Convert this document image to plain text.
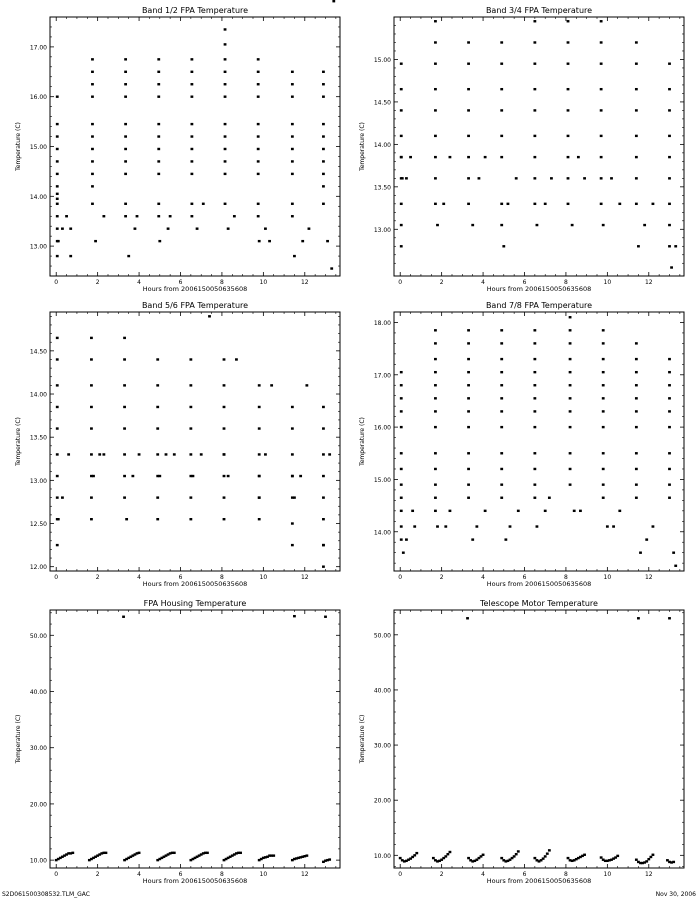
Band 1/2 FPA Temperature
0	2	4	6	8	10	12
13.00
14.00
15.00
16.00
17.00
Hours from 2006150050635608
Temperature (C)
Band 3/4 FPA Temperature
0	2	4	6	8	10	12
13.00
13.50
14.00
14.50
15.00
Hours from 2006150050635608
Temperature (C)
Band 5/6 FPA Temperature
0	2	4	6	8	10	12
12.00
12.50
13.00
13.50
14.00
14.50
Hours from 2006150050635608
Temperature (C)
Band 7/8 FPA Temperature
0	2	4	6	8	10	12
14.00
15.00
16.00
17.00
18.00
Hours from 2006150050635608
Temperature (C)
FPA Housing Temperature
0	2	4	6	8	10	12
10.00
20.00
30.00
40.00
50.00
Hours from 2006150050635608
Temperature (C)
Telescope Motor Temperature
0	2	4	6	8	10	12
10.00
20.00
30.00
40.00
50.00
Hours from 2006150050635608
Temperature (C)
S2D061500308532.TLM_GAC	Nov 30, 2006
